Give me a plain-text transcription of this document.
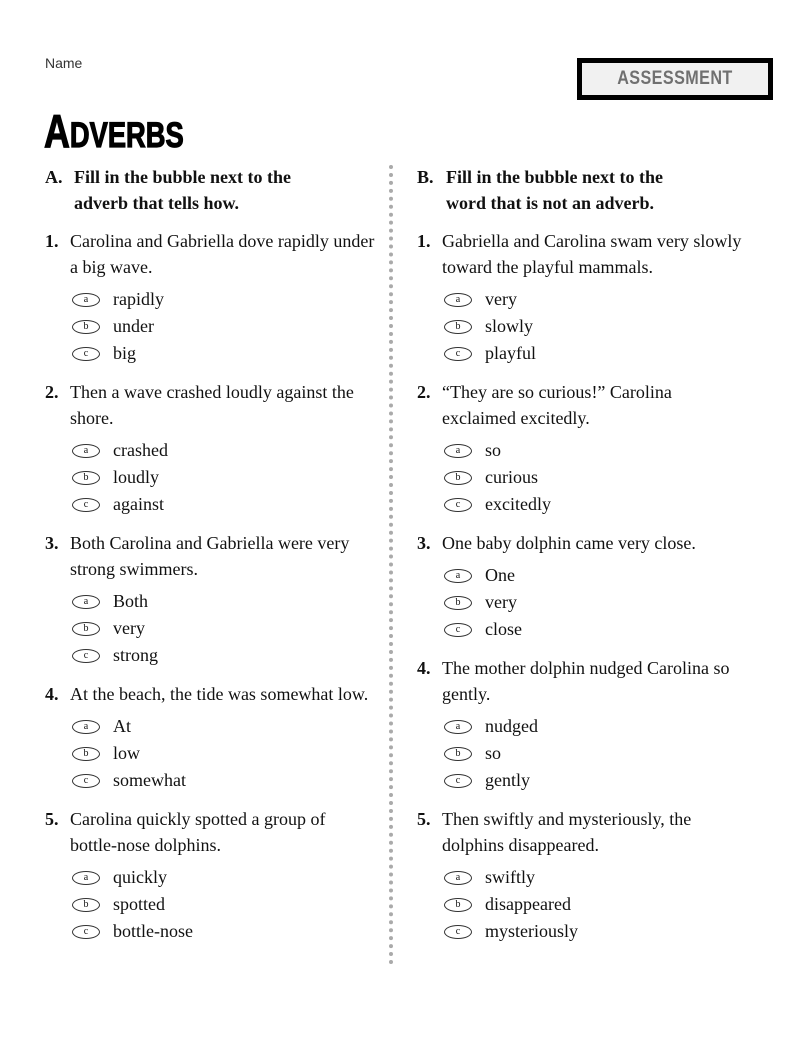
Name
ASSESSMENT
ADVERBS
A. Fill in the bubble next to the
adverb that tells how.
1. Carolina and Gabriella dove rapidly under a big wave.
a	rapidly
b	under
c	big
2. Then a wave crashed loudly against the shore.
a	crashed
b	loudly
c	against
3. Both Carolina and Gabriella were very strong swimmers.
a	Both
b	very
c	strong
4. At the beach, the tide was somewhat low.
a	At
b	low
c	somewhat
5. Carolina quickly spotted a group of bottle-nose dolphins.
a	quickly
b	spotted
c	bottle-nose
B. Fill in the bubble next to the
word that is not an adverb.
1. Gabriella and Carolina swam very slowly toward the playful mammals.
a	very
b	slowly
c	playful
2. “They are so curious!” Carolina exclaimed excitedly.
a	so
b	curious
c	excitedly
3. One baby dolphin came very close.
a	One
b	very
c	close
4. The mother dolphin nudged Carolina so gently.
a	nudged
b	so
c	gently
5. Then swiftly and mysteriously, the dolphins disappeared.
a	swiftly
b	disappeared
c	mysteriously
